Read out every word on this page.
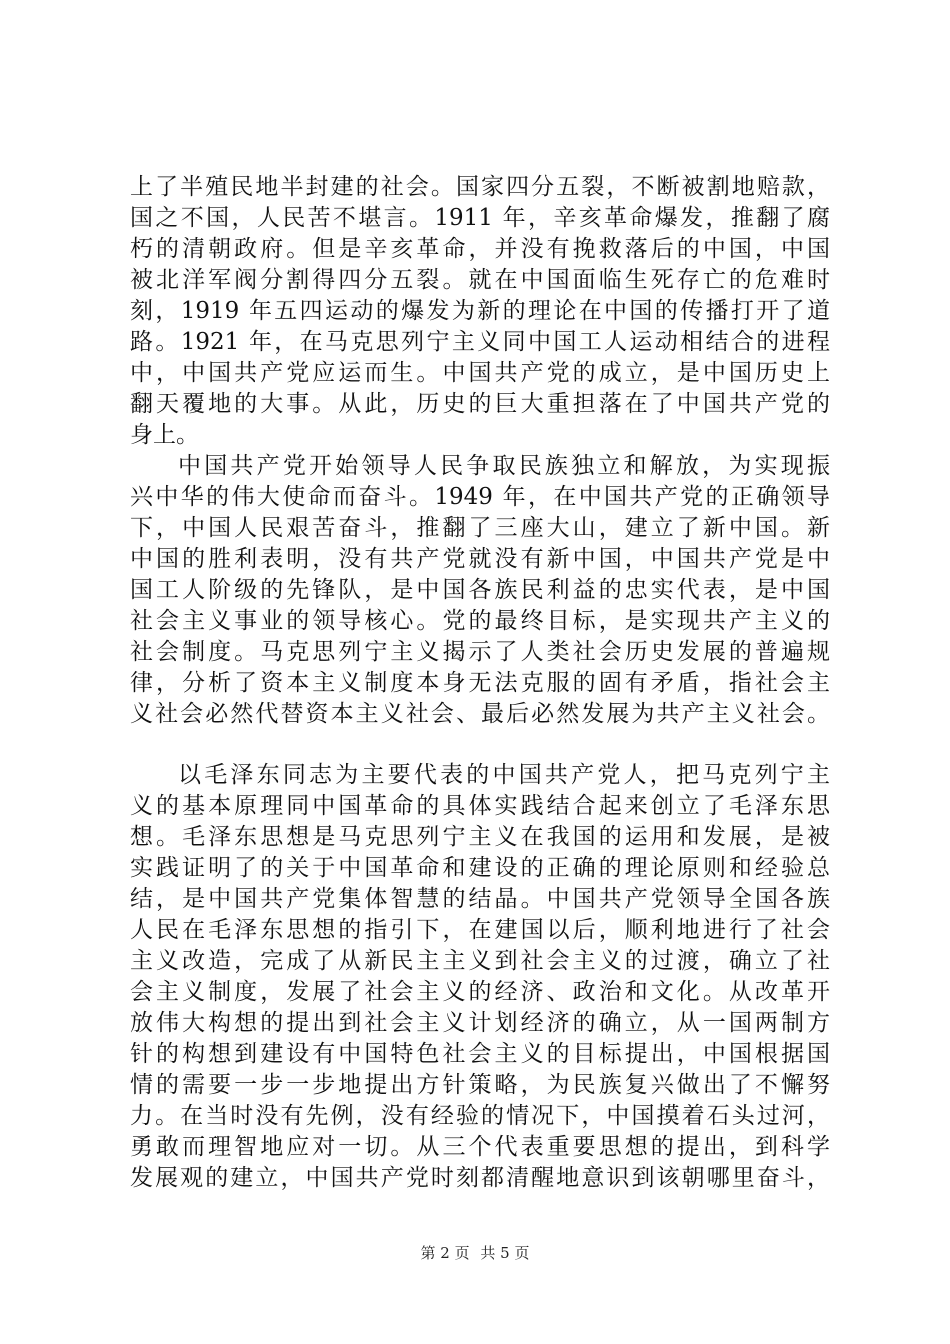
上了半殖民地半封建的社会。国家四分五裂，不断被割地赔款，
国之不国，人民苦不堪言。1911 年，辛亥革命爆发，推翻了腐
朽的清朝政府。但是辛亥革命，并没有挽救落后的中国，中国
被北洋军阀分割得四分五裂。就在中国面临生死存亡的危难时
刻，1919 年五四运动的爆发为新的理论在中国的传播打开了道
路。1921 年，在马克思列宁主义同中国工人运动相结合的进程
中，中国共产党应运而生。中国共产党的成立，是中国历史上
翻天覆地的大事。从此，历史的巨大重担落在了中国共产党的
身上。
中国共产党开始领导人民争取民族独立和解放，为实现振
兴中华的伟大使命而奋斗。1949 年，在中国共产党的正确领导
下，中国人民艰苦奋斗，推翻了三座大山，建立了新中国。新
中国的胜利表明，没有共产党就没有新中国，中国共产党是中
国工人阶级的先锋队，是中国各族民利益的忠实代表，是中国
社会主义事业的领导核心。党的最终目标，是实现共产主义的
社会制度。马克思列宁主义揭示了人类社会历史发展的普遍规
律，分析了资本主义制度本身无法克服的固有矛盾，指社会主
义社会必然代替资本主义社会、最后必然发展为共产主义社会。
以毛泽东同志为主要代表的中国共产党人，把马克列宁主
义的基本原理同中国革命的具体实践结合起来创立了毛泽东思
想。毛泽东思想是马克思列宁主义在我国的运用和发展，是被
实践证明了的关于中国革命和建设的正确的理论原则和经验总
结，是中国共产党集体智慧的结晶。中国共产党领导全国各族
人民在毛泽东思想的指引下，在建国以后，顺利地进行了社会
主义改造，完成了从新民主主义到社会主义的过渡，确立了社
会主义制度，发展了社会主义的经济、政治和文化。从改革开
放伟大构想的提出到社会主义计划经济的确立，从一国两制方
针的构想到建设有中国特色社会主义的目标提出，中国根据国
情的需要一步一步地提出方针策略，为民族复兴做出了不懈努
力。在当时没有先例，没有经验的情况下，中国摸着石头过河，
勇敢而理智地应对一切。从三个代表重要思想的提出，到科学
发展观的建立，中国共产党时刻都清醒地意识到该朝哪里奋斗，
第 2 页 共 5 页
